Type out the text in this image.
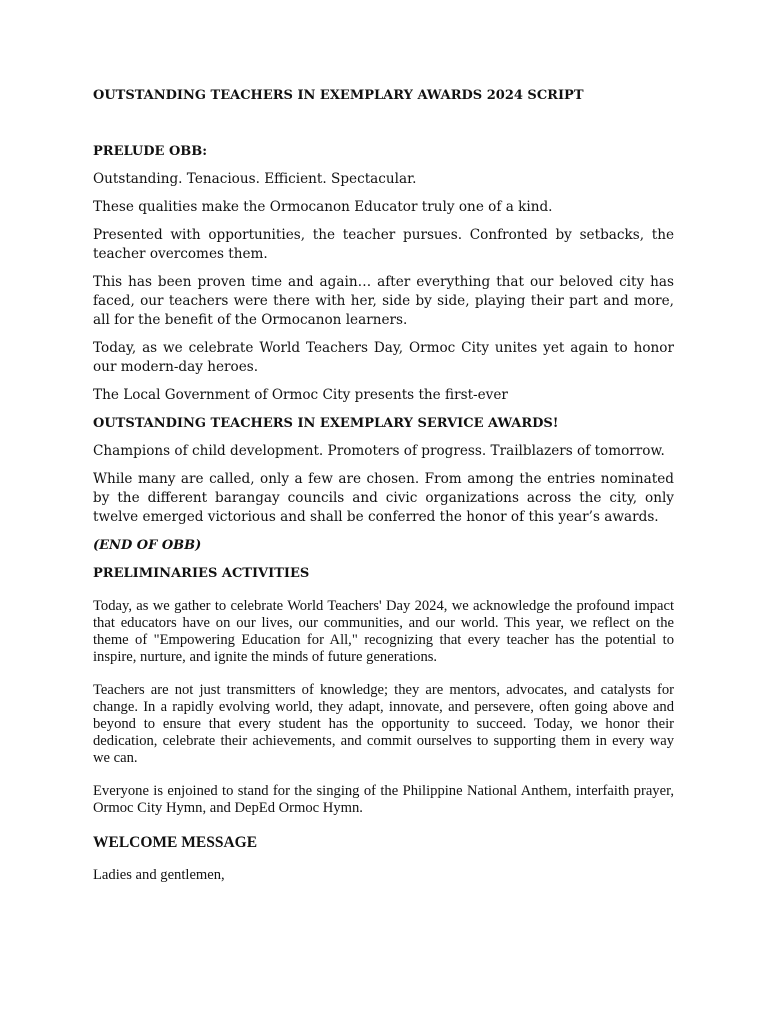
OUTSTANDING TEACHERS IN EXEMPLARY AWARDS 2024 SCRIPT
PRELUDE OBB:

Outstanding. Tenacious. Efficient. Spectacular.

These qualities make the Ormocanon Educator truly one of a kind.

Presented with opportunities, the teacher pursues. Confronted by setbacks, the teacher overcomes them.

This has been proven time and again… after everything that our beloved city has faced, our teachers were there with her, side by side, playing their part and more, all for the benefit of the Ormocanon learners.

Today, as we celebrate World Teachers Day, Ormoc City unites yet again to honor our modern-day heroes.

The Local Government of Ormoc City presents the first-ever

OUTSTANDING TEACHERS IN EXEMPLARY SERVICE AWARDS!

Champions of child development. Promoters of progress. Trailblazers of tomorrow.

While many are called, only a few are chosen. From among the entries nominated by the different barangay councils and civic organizations across the city, only twelve emerged victorious and shall be conferred the honor of this year’s awards.

(END OF OBB)
PRELIMINARIES ACTIVITIES

Today, as we gather to celebrate World Teachers' Day 2024, we acknowledge the profound impact that educators have on our lives, our communities, and our world. This year, we reflect on the theme of "Empowering Education for All," recognizing that every teacher has the potential to inspire, nurture, and ignite the minds of future generations.

Teachers are not just transmitters of knowledge; they are mentors, advocates, and catalysts for change. In a rapidly evolving world, they adapt, innovate, and persevere, often going above and beyond to ensure that every student has the opportunity to succeed. Today, we honor their dedication, celebrate their achievements, and commit ourselves to supporting them in every way we can.

Everyone is enjoined to stand for the singing of the Philippine National Anthem, interfaith prayer, Ormoc City Hymn, and DepEd Ormoc Hymn.

WELCOME MESSAGE

Ladies and gentlemen,
